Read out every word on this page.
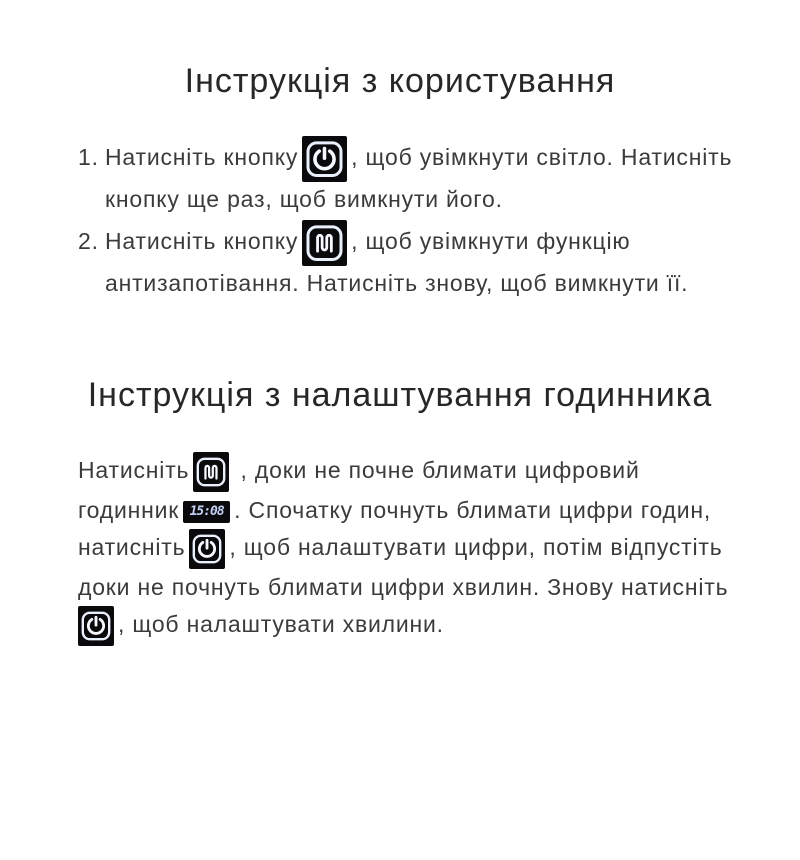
Інструкція з користування
1. Натисніть кнопку , щоб увімкнути світло. Натисніть
кнопку ще раз, щоб вимкнути його.
2. Натисніть кнопку , щоб увімкнути функцію
антизапотівання. Натисніть знову, щоб вимкнути її.
Інструкція з налаштування годинника
Натисніть
, доки не почне блимати цифровий
годинник 15:08 . Спочатку почнуть блимати цифри годин,
натисніть , щоб налаштувати цифри, потім відпустіть
доки не почнуть блимати цифри хвилин. Знову натисніть
, щоб налаштувати хвилини.
